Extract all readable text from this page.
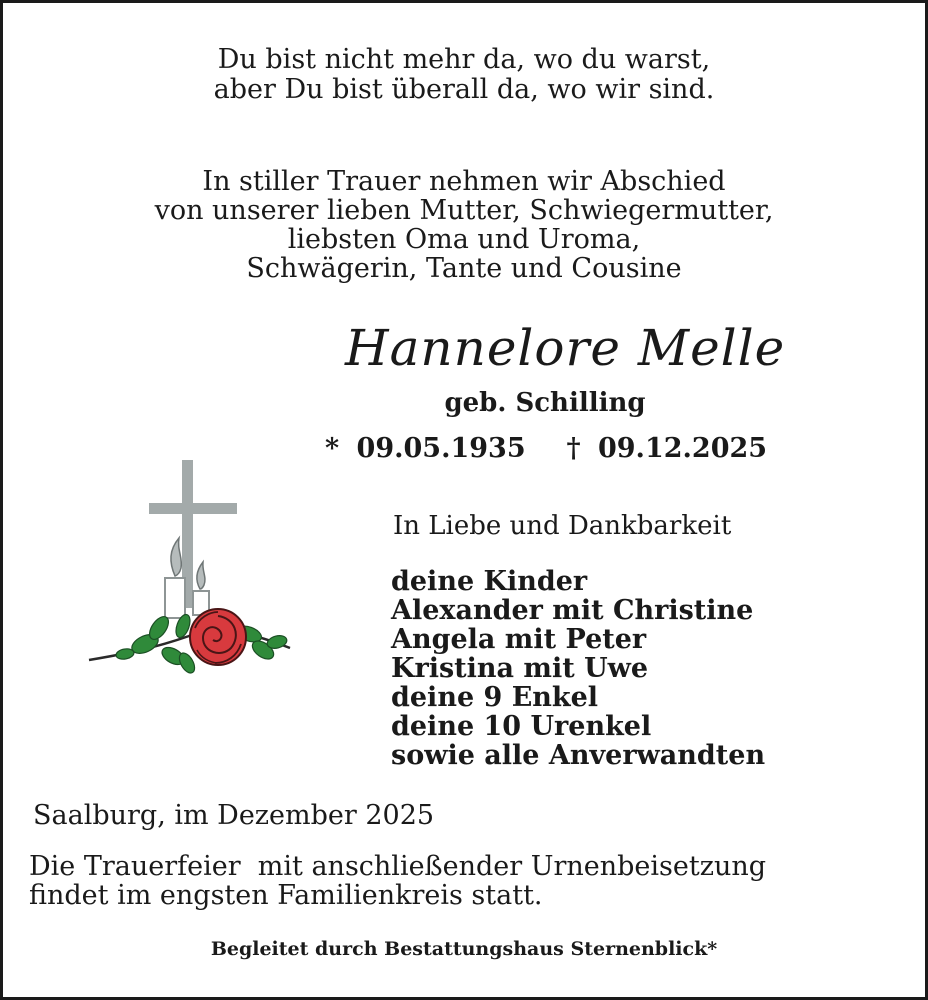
Du bist nicht mehr da, wo du warst,
aber Du bist überall da, wo wir sind.
In stiller Trauer nehmen wir Abschied
von unserer lieben Mutter, Schwiegermutter,
liebsten Oma und Uroma,
Schwägerin, Tante und Cousine
Hannelore Melle
geb. Schilling
* 09.05.1935 † 09.12.2025
In Liebe und Dankbarkeit
deine Kinder
Alexander mit Christine
Angela mit Peter
Kristina mit Uwe
deine 9 Enkel
deine 10 Urenkel
sowie alle Anverwandten
Saalburg, im Dezember 2025
Die Trauerfeier  mit anschließender Urnenbeisetzung
findet im engsten Familienkreis statt.
Begleitet durch Bestattungshaus Sternenblick*
